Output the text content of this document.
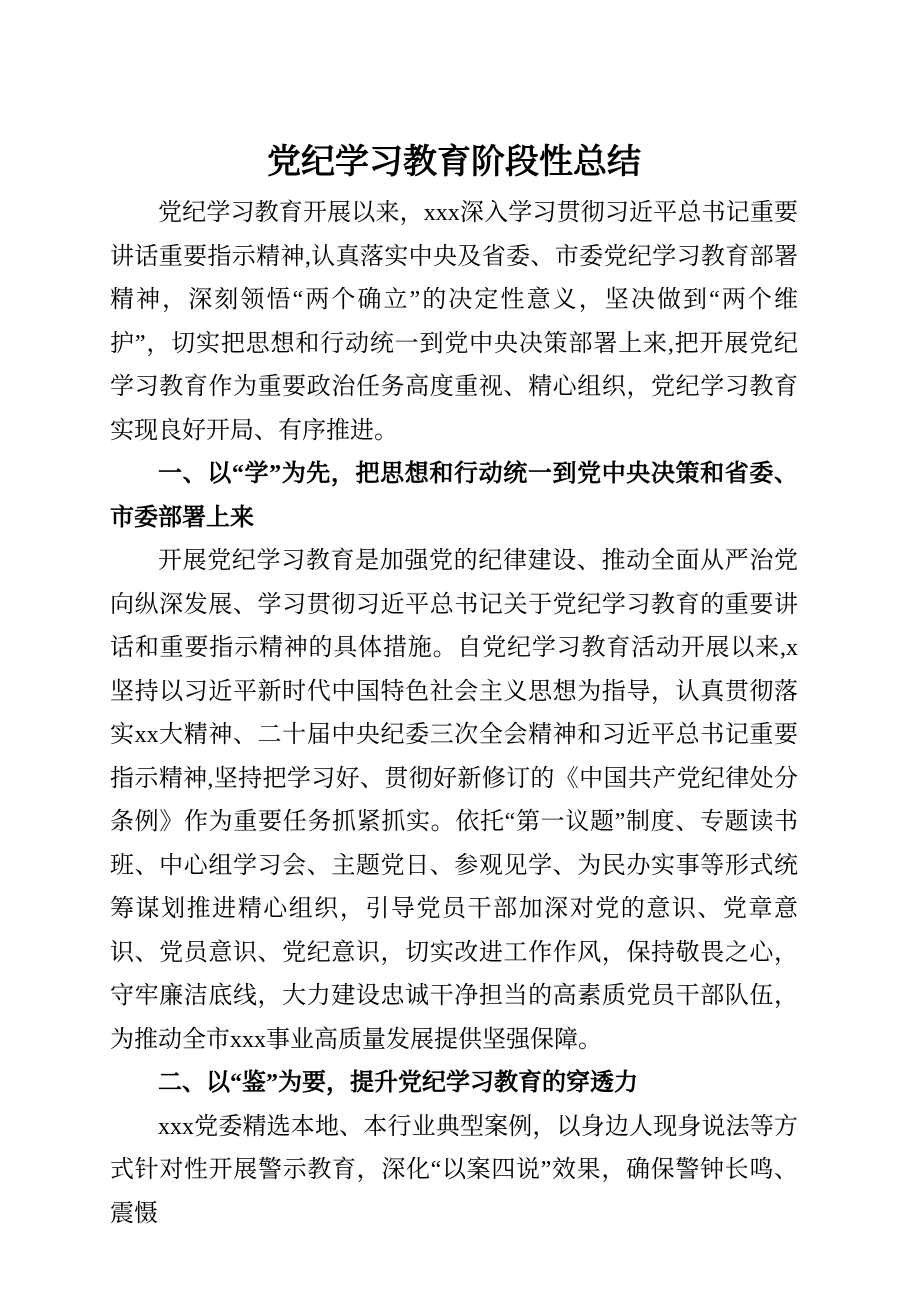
党纪学习教育阶段性总结

党纪学习教育开展以来，xxx深入学习贯彻习近平总书记重要讲话重要指示精神,认真落实中央及省委、市委党纪学习教育部署精神，深刻领悟“两个确立”的决定性意义，坚决做到“两个维护”，切实把思想和行动统一到党中央决策部署上来,把开展党纪学习教育作为重要政治任务高度重视、精心组织，党纪学习教育实现良好开局、有序推进。

一、以“学”为先，把思想和行动统一到党中央决策和省委、市委部署上来

开展党纪学习教育是加强党的纪律建设、推动全面从严治党向纵深发展、学习贯彻习近平总书记关于党纪学习教育的重要讲话和重要指示精神的具体措施。自党纪学习教育活动开展以来,x坚持以习近平新时代中国特色社会主义思想为指导，认真贯彻落实xx大精神、二十届中央纪委三次全会精神和习近平总书记重要指示精神,坚持把学习好、贯彻好新修订的《中国共产党纪律处分条例》作为重要任务抓紧抓实。依托“第一议题”制度、专题读书班、中心组学习会、主题党日、参观见学、为民办实事等形式统筹谋划推进精心组织，引导党员干部加深对党的意识、党章意识、党员意识、党纪意识，切实改进工作作风，保持敬畏之心，守牢廉洁底线，大力建设忠诚干净担当的高素质党员干部队伍，为推动全市xxx事业高质量发展提供坚强保障。

二、以“鉴”为要，提升党纪学习教育的穿透力

xxx党委精选本地、本行业典型案例，以身边人现身说法等方式针对性开展警示教育，深化“以案四说”效果，确保警钟长鸣、震慑
